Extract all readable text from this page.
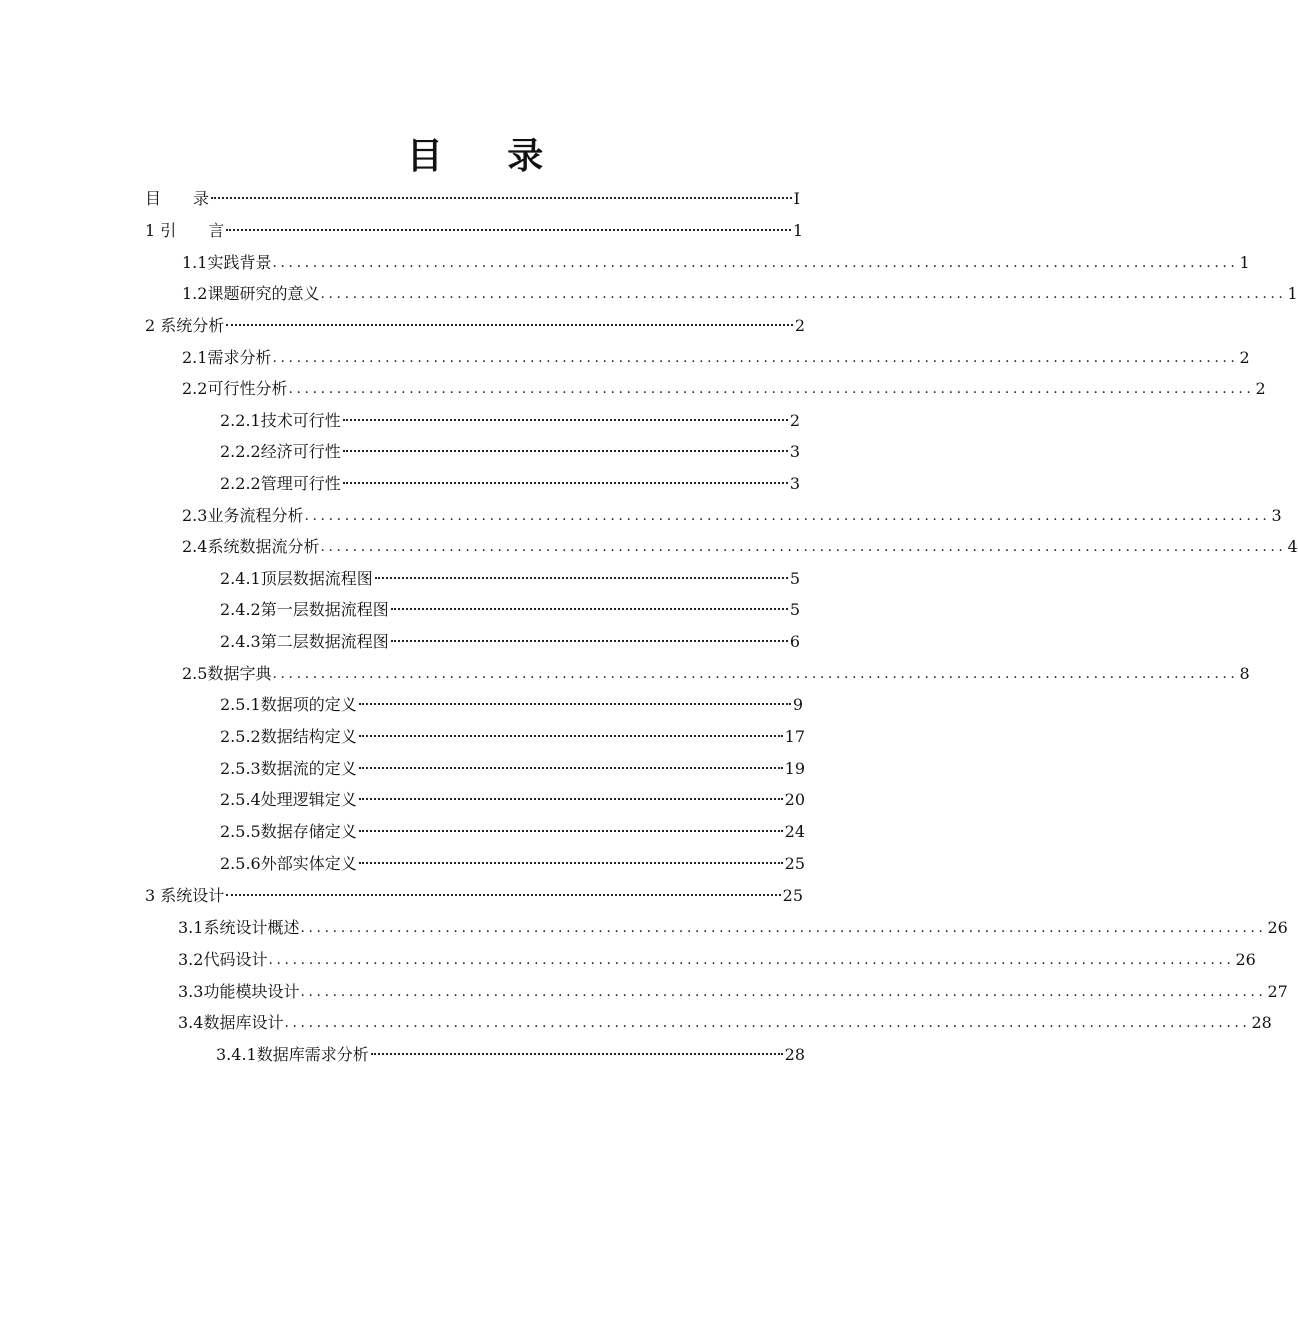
目 录
目　　录	I
1 引　　言	1
1.1实践背景 ........................................................................................................................ 1
1.2课题研究的意义 ........................................................................................................................ 1
2 系统分析	2
2.1需求分析 ........................................................................................................................ 2
2.2可行性分析 ........................................................................................................................ 2
2.2.1技术可行性	2
2.2.2经济可行性	3
2.2.2管理可行性	3
2.3业务流程分析 ........................................................................................................................ 3
2.4系统数据流分析 ........................................................................................................................ 4
2.4.1顶层数据流程图	5
2.4.2第一层数据流程图	5
2.4.3第二层数据流程图	6
2.5数据字典 ........................................................................................................................ 8
2.5.1数据项的定义	9
2.5.2数据结构定义	17
2.5.3数据流的定义	19
2.5.4处理逻辑定义	20
2.5.5数据存储定义	24
2.5.6外部实体定义	25
3 系统设计	25
3.1系统设计概述 ........................................................................................................................ 26
3.2代码设计 ........................................................................................................................ 26
3.3功能模块设计 ........................................................................................................................ 27
3.4数据库设计 ........................................................................................................................ 28
3.4.1数据库需求分析	28
